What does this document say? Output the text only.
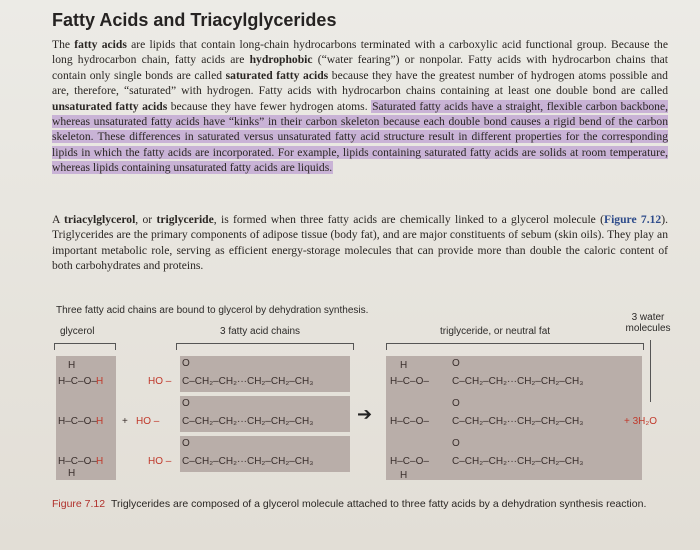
Fatty Acids and Triacylglycerides
The fatty acids are lipids that contain long-chain hydrocarbons terminated with a carboxylic acid functional group. Because the long hydrocarbon chain, fatty acids are hydrophobic (“water fearing”) or nonpolar. Fatty acids with hydrocarbon chains that contain only single bonds are called saturated fatty acids because they have the greatest number of hydrogen atoms possible and are, therefore, “saturated” with hydrogen. Fatty acids with hydrocarbon chains containing at least one double bond are called unsaturated fatty acids because they have fewer hydrogen atoms. Saturated fatty acids have a straight, flexible carbon backbone, whereas unsaturated fatty acids have “kinks” in their carbon skeleton because each double bond causes a rigid bend of the carbon skeleton. These differences in saturated versus unsaturated fatty acid structure result in different properties for the corresponding lipids in which the fatty acids are incorporated. For example, lipids containing saturated fatty acids are solids at room temperature, whereas lipids containing unsaturated fatty acids are liquids.
A triacylglycerol, or triglyceride, is formed when three fatty acids are chemically linked to a glycerol molecule (Figure 7.12). Triglycerides are the primary components of adipose tissue (body fat), and are major constituents of sebum (skin oils). They play an important metabolic role, serving as efficient energy-storage molecules that can provide more than double the caloric content of both carbohydrates and proteins.
Three fatty acid chains are bound to glycerol by dehydration synthesis.
glycerol	3 fatty acid chains	triglyceride, or neutral fat
3 water molecules
H
H–C–O– H
H–C–O– H
H–C–O– H
H
+
O
HO – C–CH₂–CH₂···CH₂–CH₂–CH₃
O
HO – C–CH₂–CH₂···CH₂–CH₂–CH₃
O
HO – C–CH₂–CH₂···CH₂–CH₂–CH₃
➔
H	O
H–C–O– C–CH₂–CH₂···CH₂–CH₂–CH₃
O
H–C–O– C–CH₂–CH₂···CH₂–CH₂–CH₃	+ 3H₂O
O
H–C–O– C–CH₂–CH₂···CH₂–CH₂–CH₃
H
Figure 7.12 Triglycerides are composed of a glycerol molecule attached to three fatty acids by a dehydration synthesis reaction.
